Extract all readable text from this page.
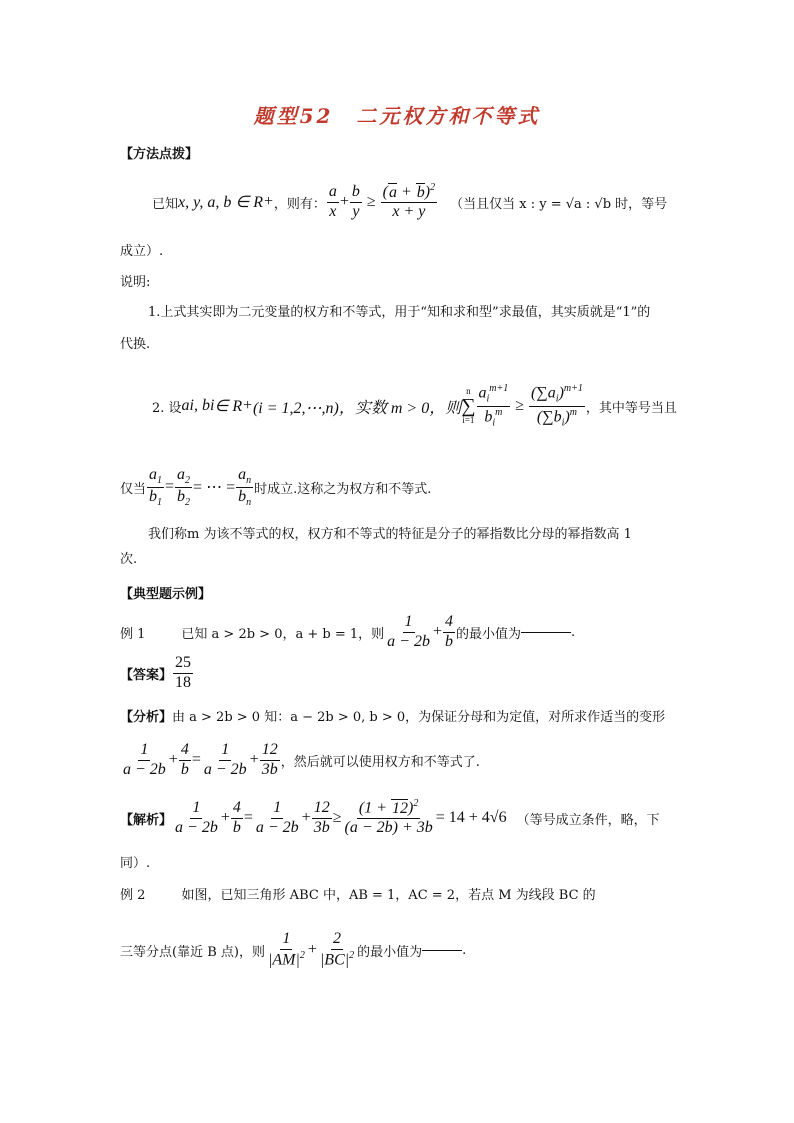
题型52　二元权方和不等式
【方法点拨】
已知 x, y, a, b ∈ R + ，则有： $\frac{a}{x} + \frac{b}{y} \ge \frac{(a + b)^2}{x + y}$ （当且仅当 x : y = √a : √b 时，等号
成立）.
说明:
1.上式其实即为二元变量的权方和不等式，用于“知和求和型”求最值，其实质就是“1”的
代换.
2. 设 a i , b i ∈ R + (i = 1,2,⋯,n)，实数 m > 0，则
n
∑
$i=1 \frac{a_i^{m+1}}{b_i^m} \ge \frac{(\sum a_i)^{m+1}}{(\sum b_i)^m}$ ，其中等号当且
仅当 $\frac{a_1}{b_1} = \frac{a_2}{b_2}$ = ⋯ = $\frac{a_n}{b_n}$ 时成立.这称之为权方和不等式.
我们称m 为该不等式的权，权方和不等式的特征是分子的幂指数比分母的幂指数高 1
次.
【典型题示例】
例 1	已知 a > 2b > 0，a + b = 1，则 $\frac{1}{a - 2b} + \frac{4}{b}$ 的最小值为	.
【答案】 $\frac{25}{18}$
【分析】由 a > 2b > 0 知：a − 2b > 0, b > 0，为保证分母和为定值，对所求作适当的变形
$\frac{1}{a - 2b} + \frac{4}{b} = \frac{1}{a - 2b} + \frac{12}{3b}$ ，然后就可以使用权方和不等式了.
【解析】 $\frac{1}{a - 2b} + \frac{4}{b} = \frac{1}{a - 2b} + \frac{12}{3b} \ge \frac{(1 + 12)^2}{(a - 2b) + 3b} = 14 + 4√6$ （等号成立条件，略，下
同）.
例 2	如图，已知三角形 ABC 中，AB = 1，AC = 2，若点 M 为线段 BC 的
三等分点(靠近 B 点)，则 $\frac{1}{|AM|^2} + \frac{2}{|BC|^2}$ 的最小值为	.
